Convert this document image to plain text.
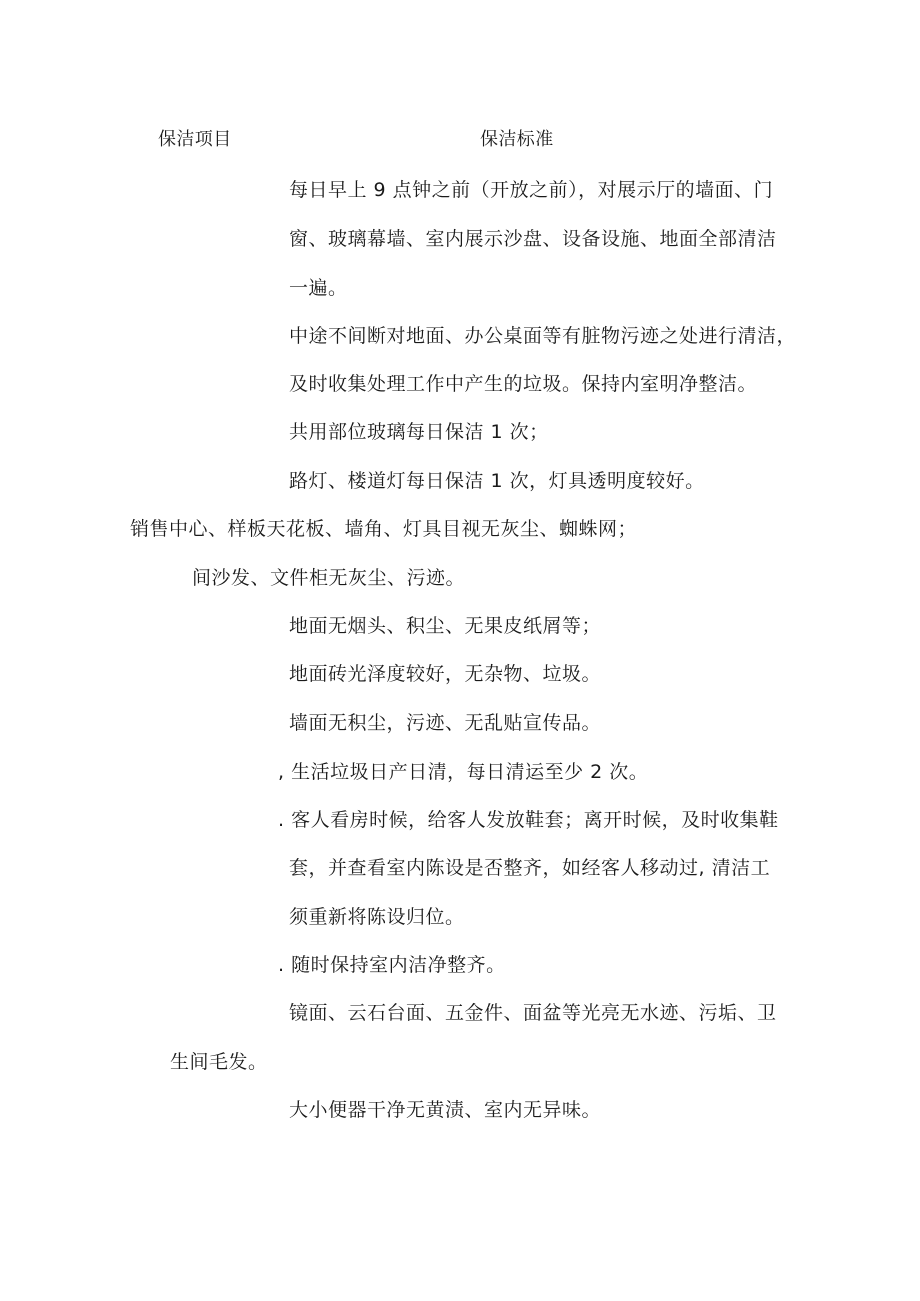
保洁项目	保洁标准
每日早上 9 点钟之前（开放之前），对展示厅的墙面、门
窗、玻璃幕墙、室内展示沙盘、设备设施、地面全部清洁
一遍。
中途不间断对地面、办公桌面等有脏物污迹之处进行清洁，
及时收集处理工作中产生的垃圾。保持内室明净整洁。
共用部位玻璃每日保洁 1 次；
路灯、楼道灯每日保洁 1 次，灯具透明度较好。
销售中心、样板天花板、墙角、灯具目视无灰尘、蜘蛛网；
间沙发、文件柜无灰尘、污迹。
地面无烟头、积尘、无果皮纸屑等；
地面砖光泽度较好，无杂物、垃圾。
墙面无积尘，污迹、无乱贴宣传品。
, 生活垃圾日产日清，每日清运至少 2 次。
. 客人看房时候，给客人发放鞋套；离开时候，及时收集鞋
套，并查看室内陈设是否整齐，如经客人移动过, 清洁工
须重新将陈设归位。
. 随时保持室内洁净整齐。
镜面、云石台面、五金件、面盆等光亮无水迹、污垢、卫
生间毛发。
大小便器干净无黄渍、室内无异味。
